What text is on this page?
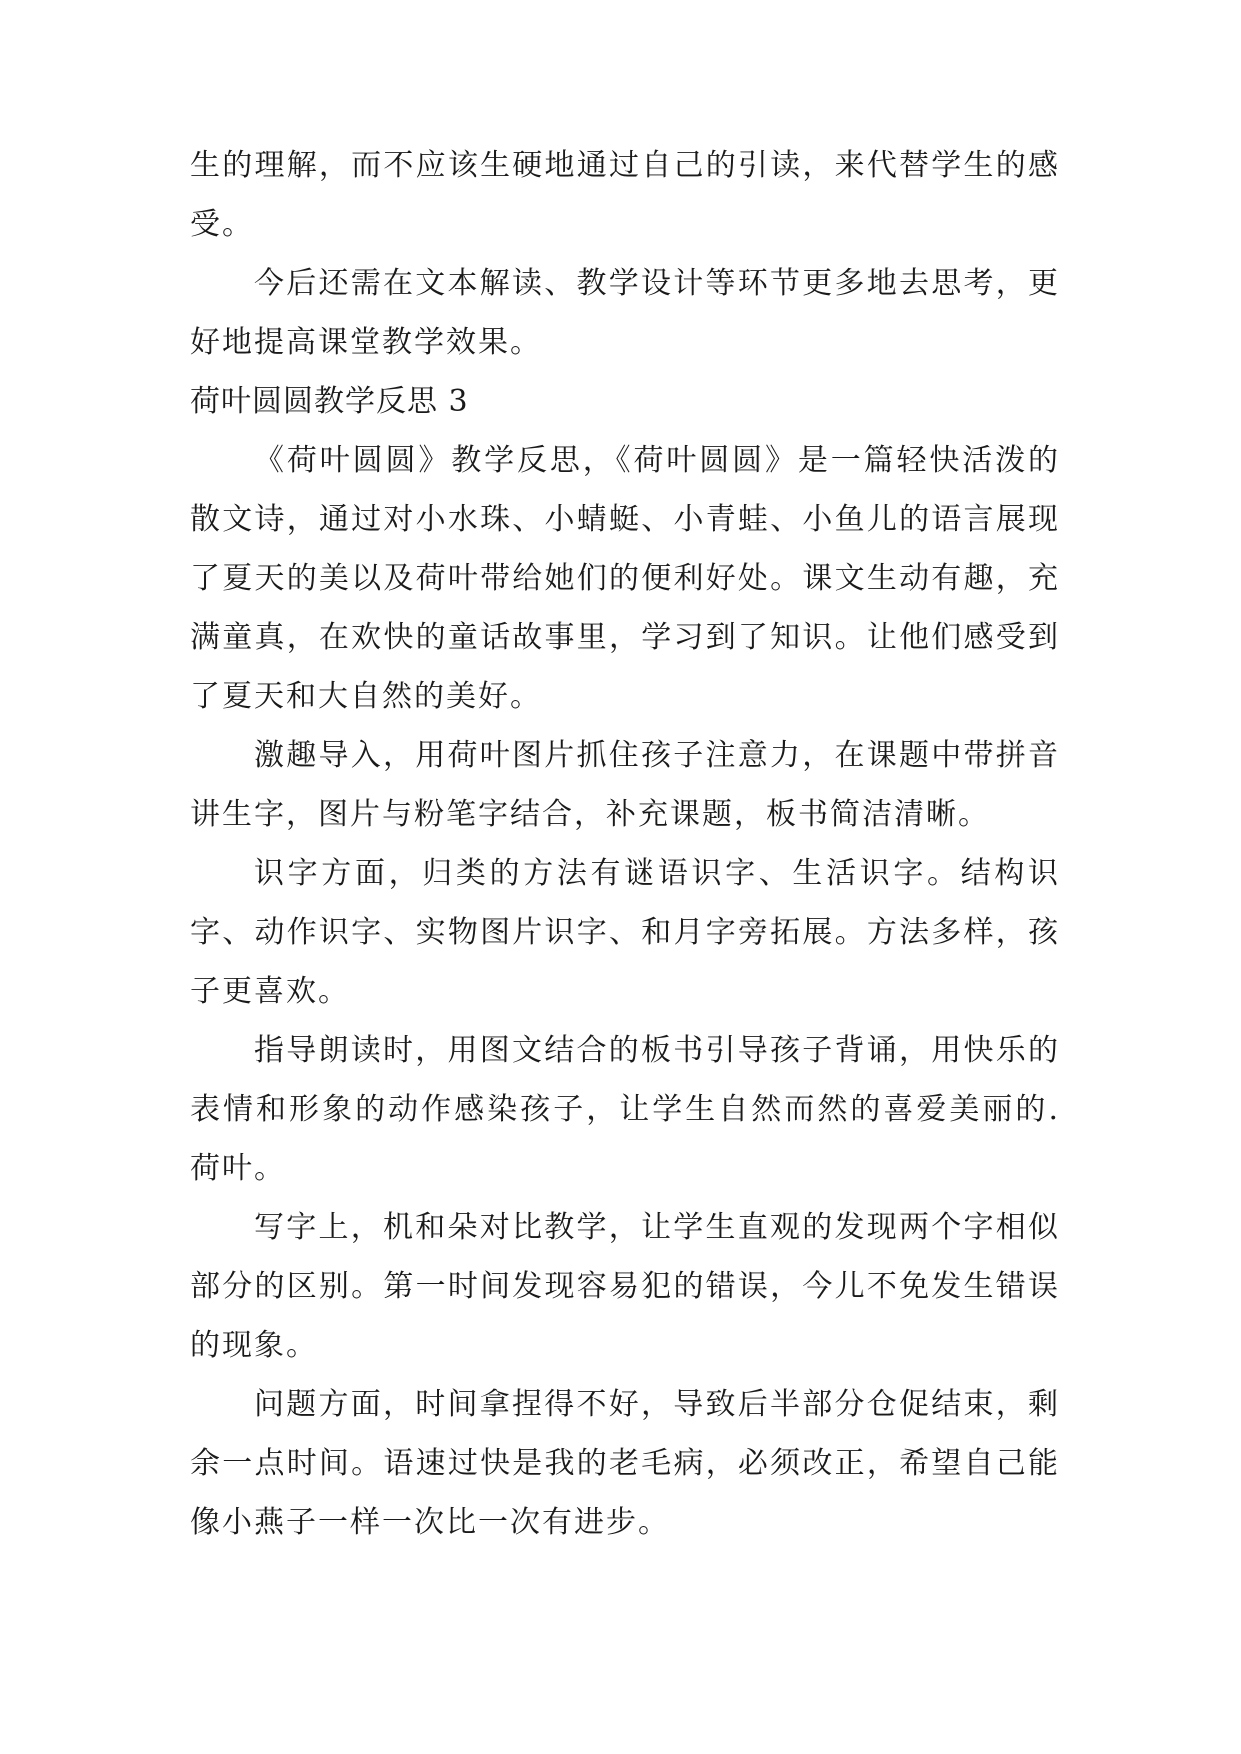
生的理解，而不应该生硬地通过自己的引读，来代替学生的感受。

今后还需在文本解读、教学设计等环节更多地去思考，更好地提高课堂教学效果。

荷叶圆圆教学反思 3

《荷叶圆圆》教学反思，《荷叶圆圆》是一篇轻快活泼的散文诗，通过对小水珠、小蜻蜓、小青蛙、小鱼儿的语言展现了夏天的美以及荷叶带给她们的便利好处。课文生动有趣，充满童真，在欢快的童话故事里，学习到了知识。让他们感受到了夏天和大自然的美好。

激趣导入，用荷叶图片抓住孩子注意力，在课题中带拼音讲生字，图片与粉笔字结合，补充课题，板书简洁清晰。

识字方面，归类的方法有谜语识字、生活识字。结构识字、动作识字、实物图片识字、和月字旁拓展。方法多样，孩子更喜欢。

指导朗读时，用图文结合的板书引导孩子背诵，用快乐的表情和形象的动作感染孩子，让学生自然而然的喜爱美丽的.荷叶。

写字上，机和朵对比教学，让学生直观的发现两个字相似部分的区别。第一时间发现容易犯的错误，今儿不免发生错误的现象。

问题方面，时间拿捏得不好，导致后半部分仓促结束，剩余一点时间。语速过快是我的老毛病，必须改正，希望自己能像小燕子一样一次比一次有进步。
